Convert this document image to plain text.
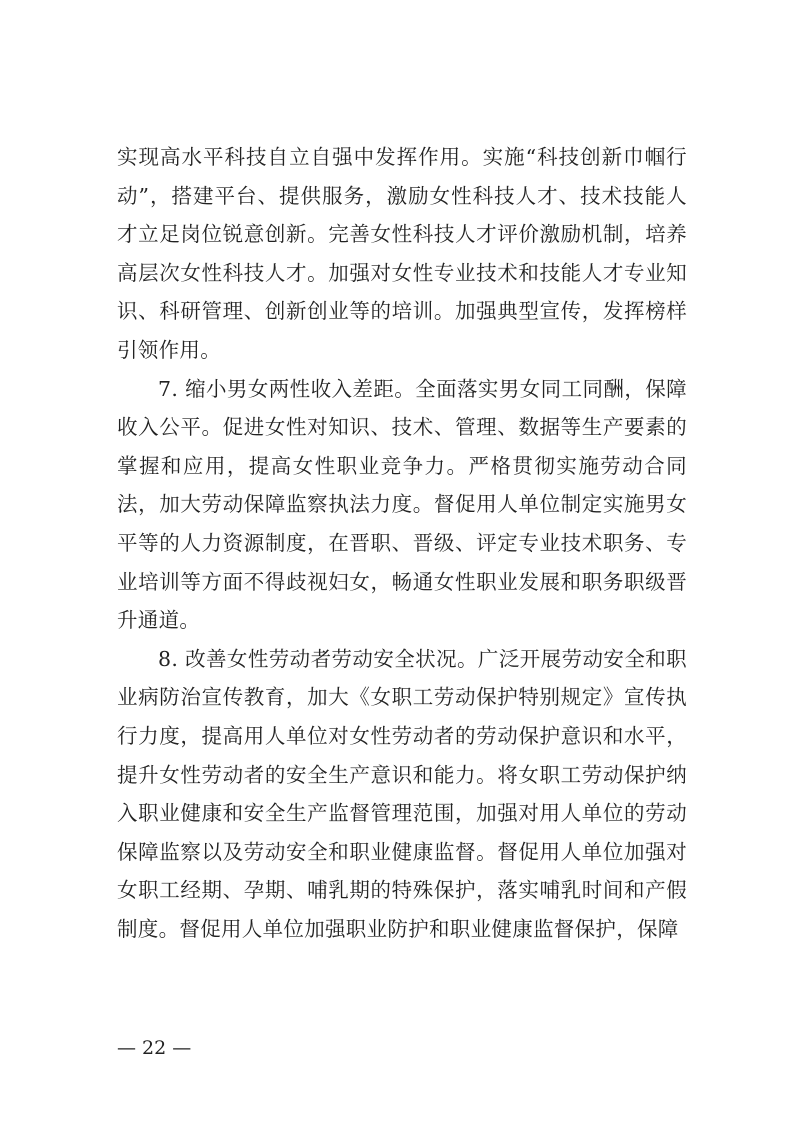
实现高水平科技自立自强中发挥作用。实施“科技创新巾帼行动”，搭建平台、提供服务，激励女性科技人才、技术技能人才立足岗位锐意创新。完善女性科技人才评价激励机制，培养高层次女性科技人才。加强对女性专业技术和技能人才专业知识、科研管理、创新创业等的培训。加强典型宣传，发挥榜样引领作用。

7. 缩小男女两性收入差距。全面落实男女同工同酬，保障收入公平。促进女性对知识、技术、管理、数据等生产要素的掌握和应用，提高女性职业竞争力。严格贯彻实施劳动合同法，加大劳动保障监察执法力度。督促用人单位制定实施男女平等的人力资源制度，在晋职、晋级、评定专业技术职务、专业培训等方面不得歧视妇女，畅通女性职业发展和职务职级晋升通道。

8. 改善女性劳动者劳动安全状况。广泛开展劳动安全和职业病防治宣传教育，加大《女职工劳动保护特别规定》宣传执行力度，提高用人单位对女性劳动者的劳动保护意识和水平，提升女性劳动者的安全生产意识和能力。将女职工劳动保护纳入职业健康和安全生产监督管理范围，加强对用人单位的劳动保障监察以及劳动安全和职业健康监督。督促用人单位加强对女职工经期、孕期、哺乳期的特殊保护，落实哺乳时间和产假制度。督促用人单位加强职业防护和职业健康监督保护，保障

— 22 —
